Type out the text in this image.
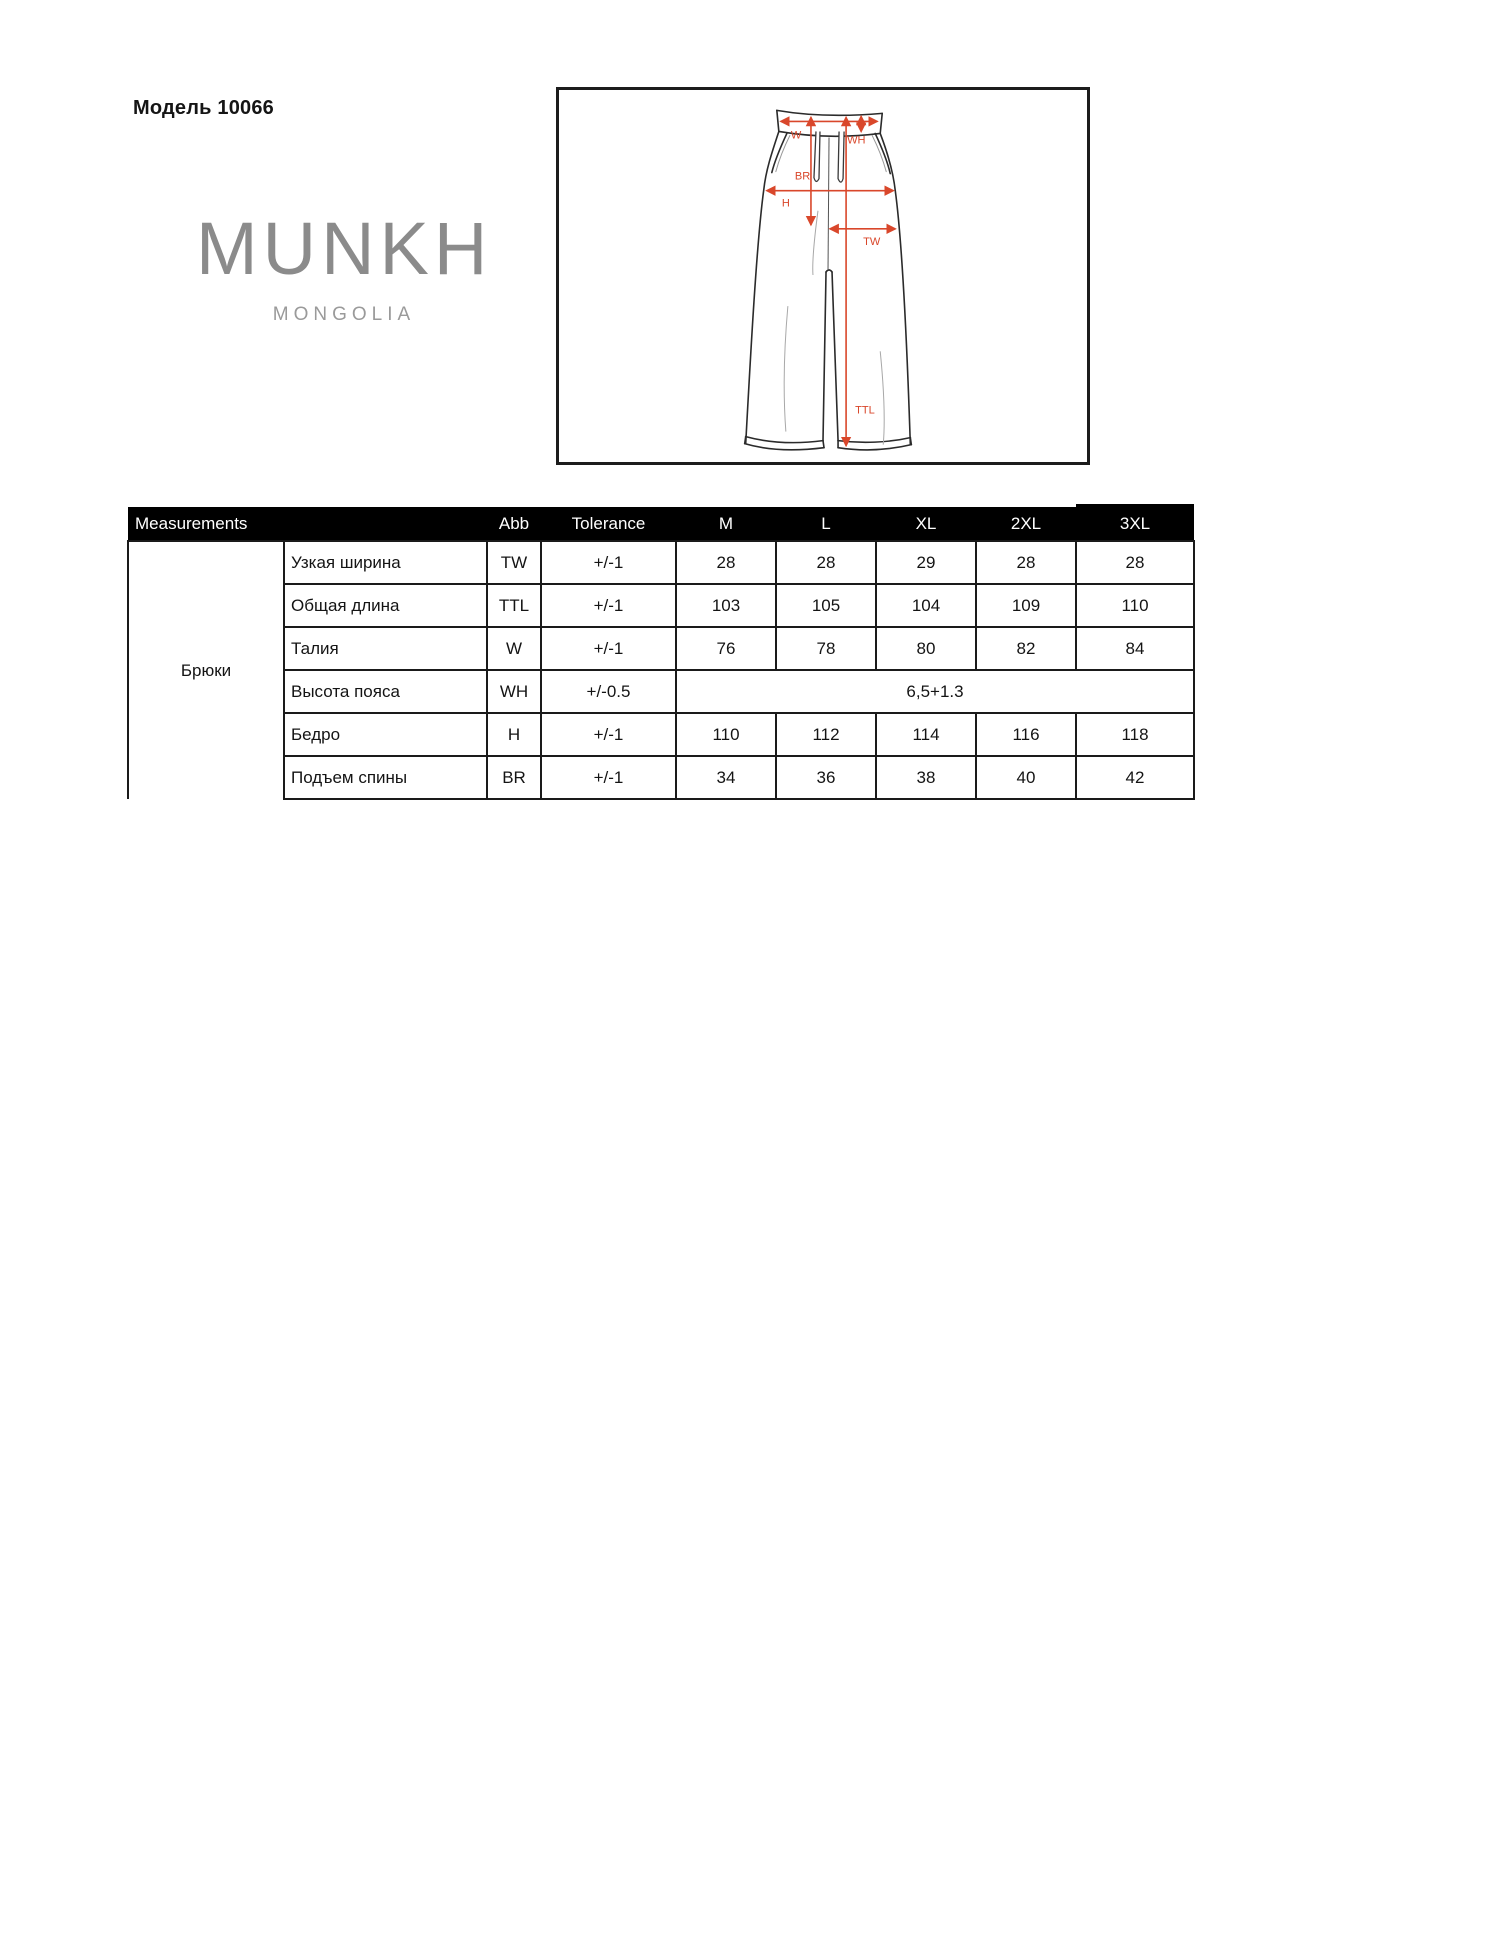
Модель 10066
MUNKH
MONGOLIA
W	WH
BR
H
TW
TTL
Measurements		Abb	Tolerance	M	L	XL	2XL	3XL
Брюки	Узкая ширина	TW	+/-1	28	28	29	28	28
	Общая длина	TTL	+/-1	103	105	104	109	110
	Талия	W	+/-1	76	78	80	82	84
	Высота пояса	WH	+/-0.5	6,5+1.3				
	Бедро	H	+/-1	110	112	114	116	118
	Подъем спины	BR	+/-1	34	36	38	40	42
